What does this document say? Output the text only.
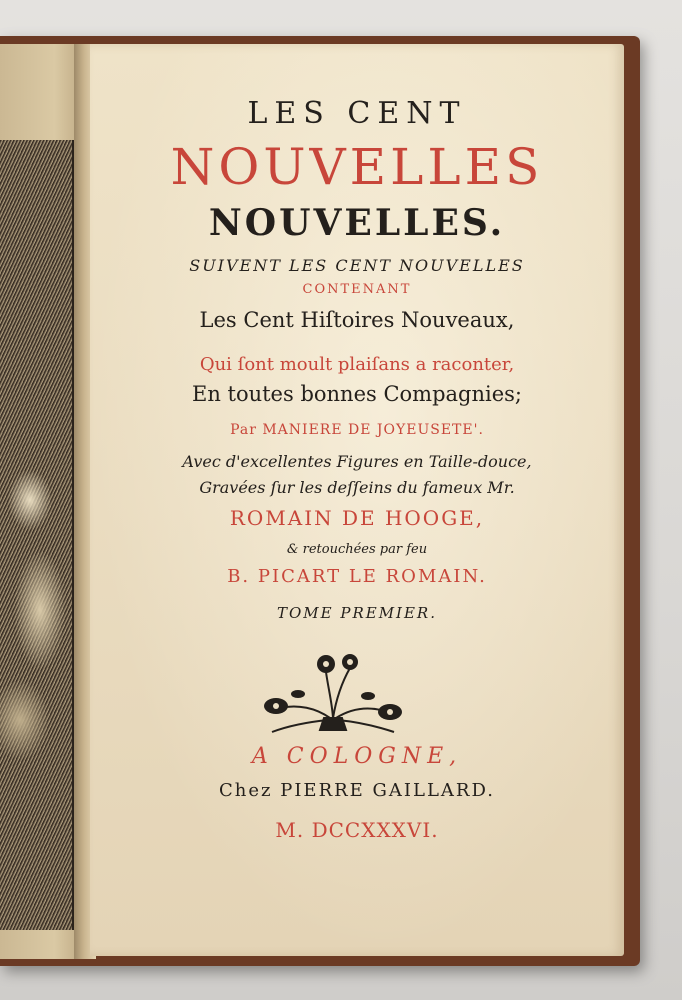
LES CENT
NOUVELLES
NOUVELLES.
SUIVENT LES CENT NOUVELLES
CONTENANT
Les Cent Hiſtoires Nouveaux,
Qui ſont moult plaiſans a raconter,
En toutes bonnes Compagnies;
Par MANIERE DE JOYEUSETE'.
Avec d'excellentes Figures en Taille-douce,
Gravées ſur les deſſeins du fameux Mr.
ROMAIN DE HOOGE,
& retouchées par feu
B. PICART LE ROMAIN.
TOME PREMIER.
A COLOGNE,
Chez PIERRE GAILLARD.
M. DCCXXXVI.
